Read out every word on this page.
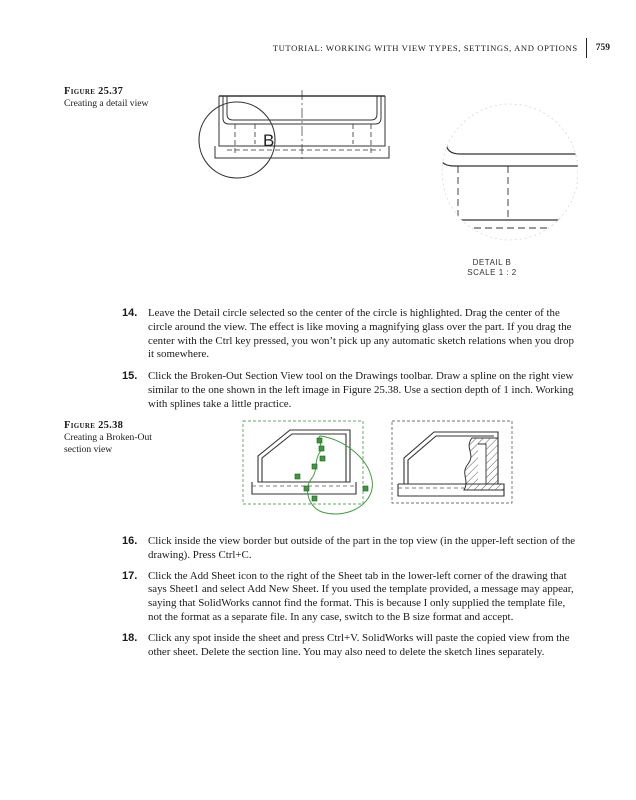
TUTORIAL: WORKING WITH VIEW TYPES, SETTINGS, AND OPTIONS	759
Figure 25.37
Creating a detail view
B
DETAIL B
SCALE 1 : 2
14. Leave the Detail circle selected so the center of the circle is highlighted. Drag the center of the circle around the view. The effect is like moving a magnifying glass over the part. If you drag the center with the Ctrl key pressed, you won’t pick up any automatic sketch relations when you drop it somewhere.
15. Click the Broken-Out Section View tool on the Drawings toolbar. Draw a spline on the right view similar to the one shown in the left image in Figure 25.38. Use a section depth of 1 inch. Working with splines take a little practice.
Figure 25.38
Creating a Broken-Out section view
16. Click inside the view border but outside of the part in the top view (in the upper-left section of the drawing). Press Ctrl+C.
17. Click the Add Sheet icon to the right of the Sheet tab in the lower-left corner of the drawing that says Sheet1 and select Add New Sheet. If you used the template provided, a message may appear, saying that SolidWorks cannot find the format. This is because I only supplied the template file, not the format as a separate file. In any case, switch to the B size format and accept.
18. Click any spot inside the sheet and press Ctrl+V. SolidWorks will paste the copied view from the other sheet. Delete the section line. You may also need to delete the sketch lines separately.
